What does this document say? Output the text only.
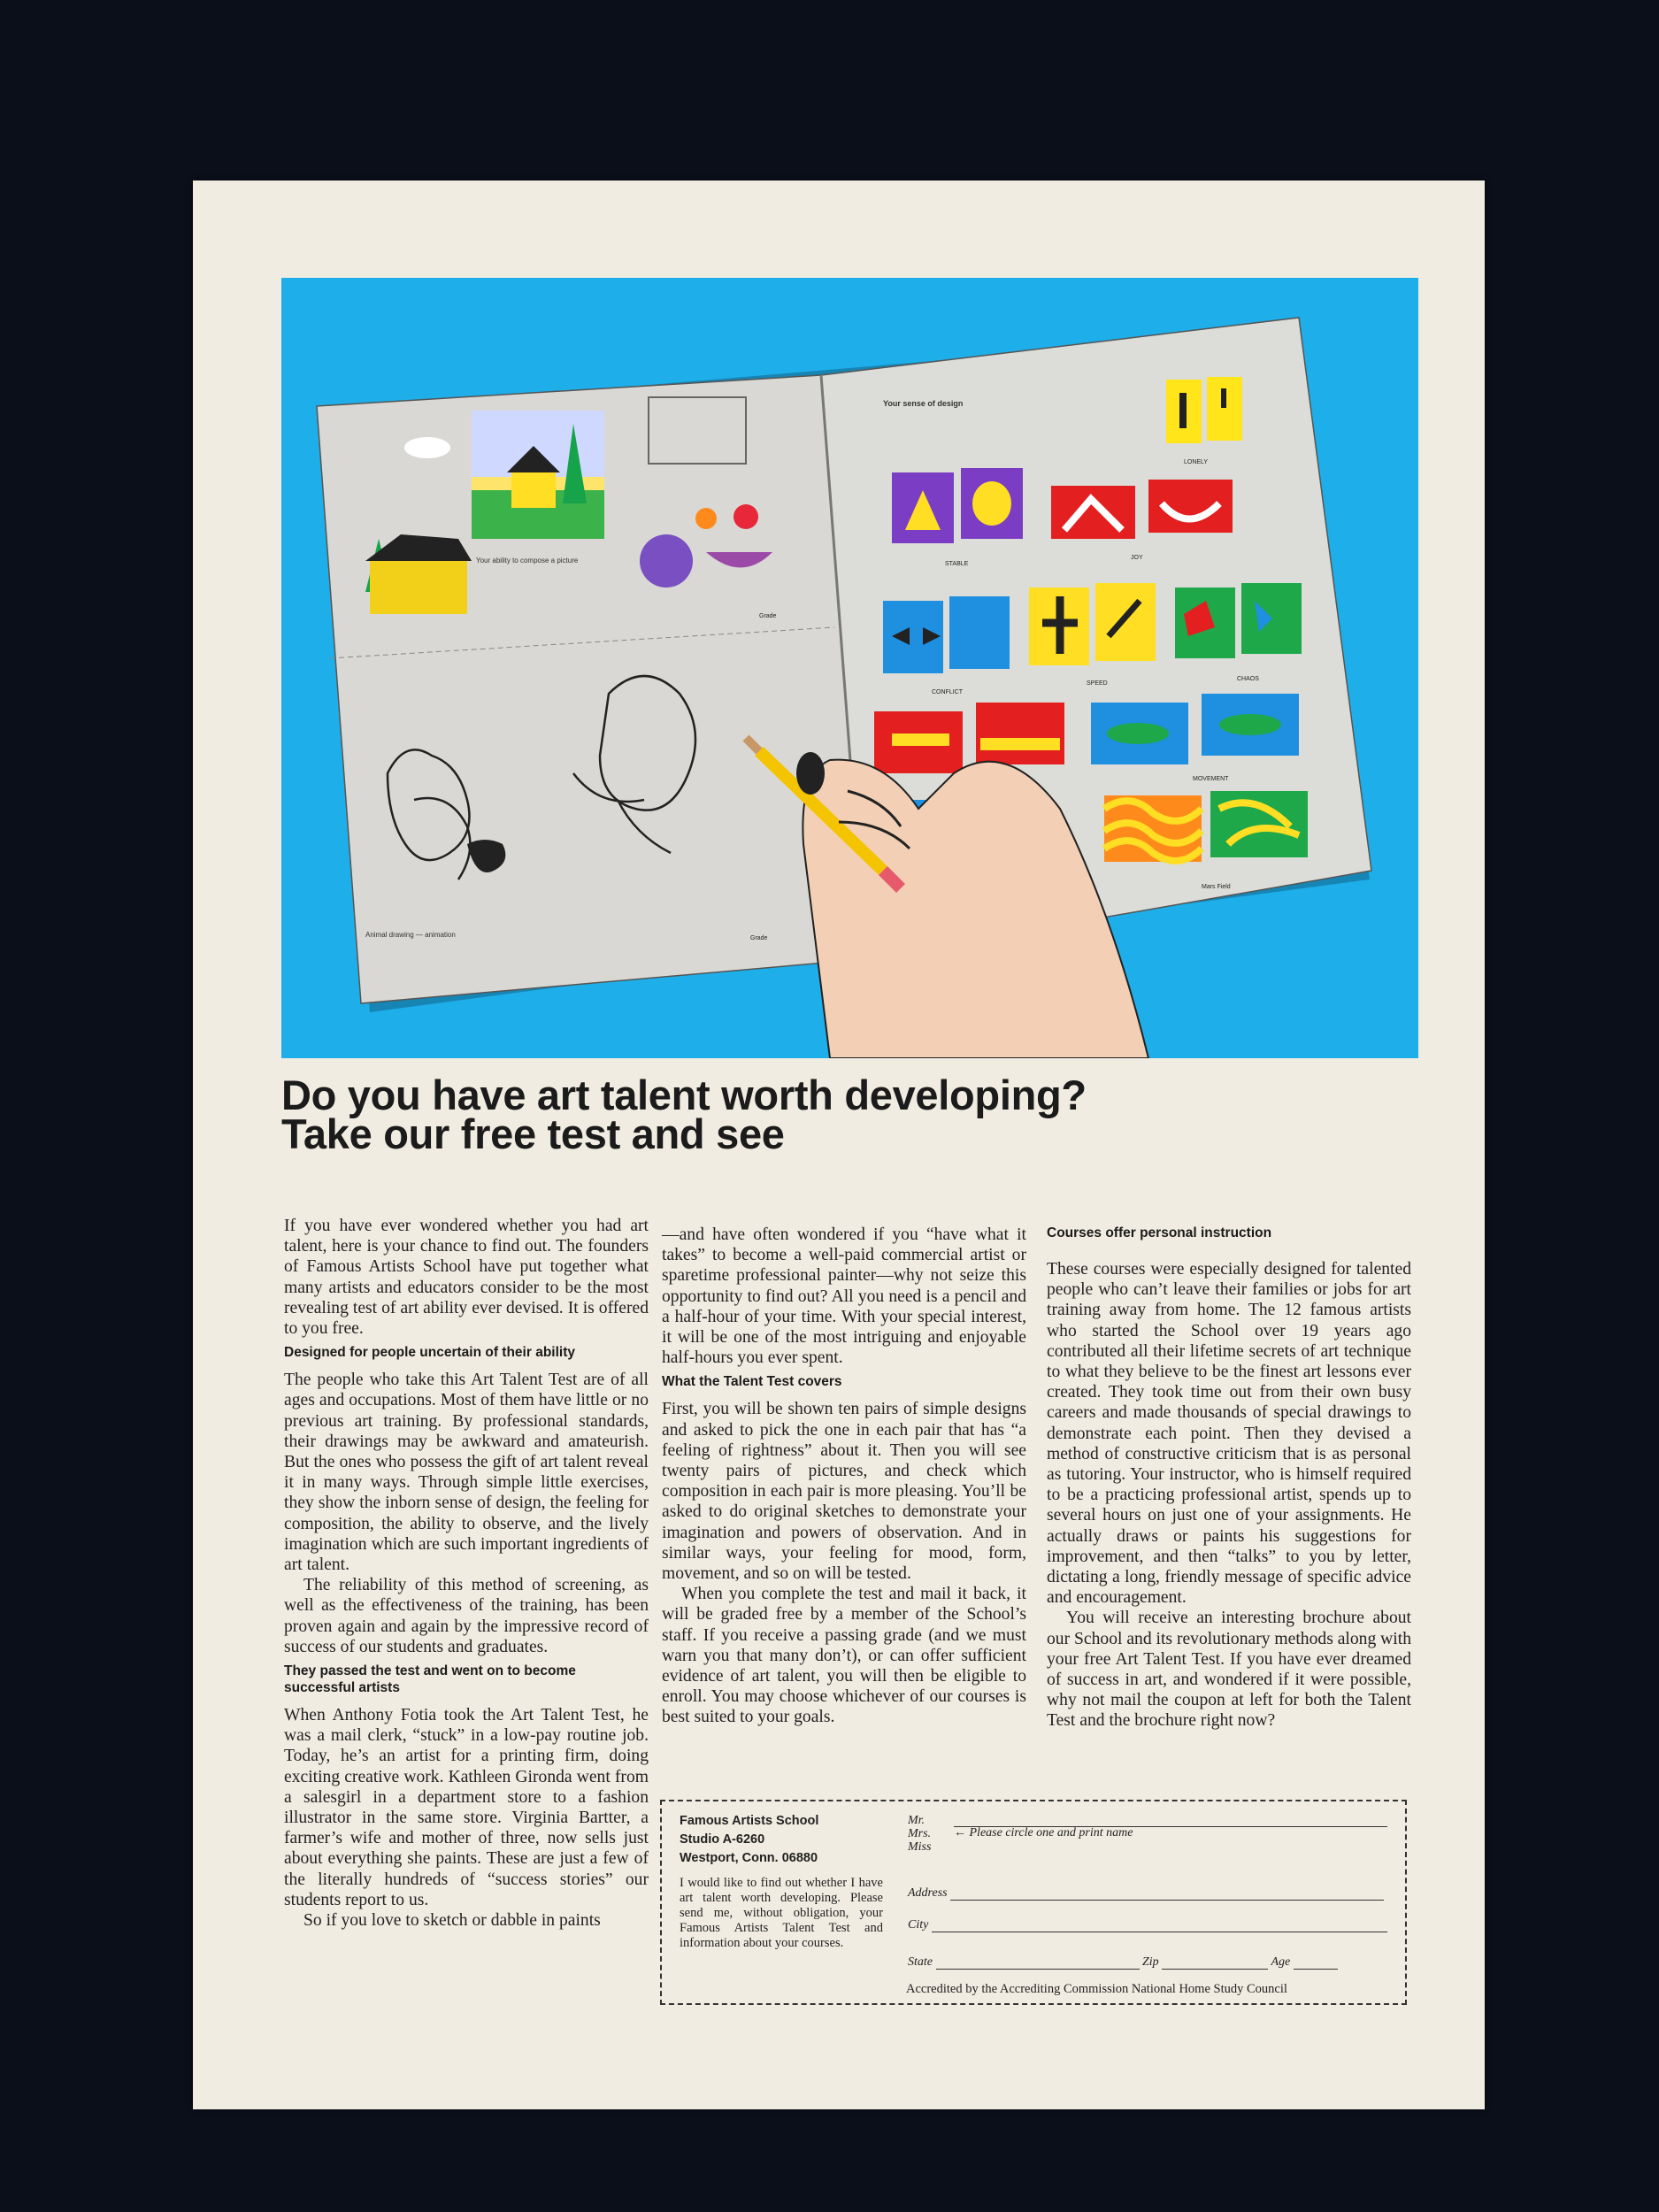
Your ability to compose a picture
Animal drawing — animation
Your sense of design
LONELY
STABLE
JOY
CONFLICT
SPEED
CHAOS
MOVEMENT
Mars Field
Grade
Grade
Do you have art talent worth developing?
Take our free test and see

If you have ever wondered whether you had art talent, here is your chance to find out. The founders of Famous Artists School have put together what many artists and educators consider to be the most revealing test of art ability ever devised. It is offered to you free.

Designed for people uncertain of their ability

The people who take this Art Talent Test are of all ages and occupations. Most of them have little or no previous art training. By professional standards, their drawings may be awkward and amateurish. But the ones who possess the gift of art talent reveal it in many ways. Through simple little exercises, they show the inborn sense of design, the feeling for composition, the ability to observe, and the lively imagination which are such important ingredients of art talent.

The reliability of this method of screening, as well as the effectiveness of the training, has been proven again and again by the impressive record of success of our students and graduates.

They passed the test and went on to become successful artists

When Anthony Fotia took the Art Talent Test, he was a mail clerk, “stuck” in a low-pay routine job. Today, he’s an artist for a printing firm, doing exciting creative work. Kathleen Gironda went from a salesgirl in a department store to a fashion illustrator in the same store. Virginia Bartter, a farmer’s wife and mother of three, now sells just about everything she paints. These are just a few of the literally hundreds of “success stories” our students report to us.

So if you love to sketch or dabble in paints

—and have often wondered if you “have what it takes” to become a well-paid commercial artist or sparetime professional painter—why not seize this opportunity to find out? All you need is a pencil and a half-hour of your time. With your special interest, it will be one of the most intriguing and enjoyable half-hours you ever spent.

What the Talent Test covers

First, you will be shown ten pairs of simple designs and asked to pick the one in each pair that has “a feeling of rightness” about it. Then you will see twenty pairs of pictures, and check which composition in each pair is more pleasing. You’ll be asked to do original sketches to demonstrate your imagination and powers of observation. And in similar ways, your feeling for mood, form, movement, and so on will be tested.

When you complete the test and mail it back, it will be graded free by a member of the School’s staff. If you receive a passing grade (and we must warn you that many don’t), or can offer sufficient evidence of art talent, you will then be eligible to enroll. You may choose whichever of our courses is best suited to your goals.

Courses offer personal instruction

These courses were especially designed for talented people who can’t leave their families or jobs for art training away from home. The 12 famous artists who started the School over 19 years ago contributed all their lifetime secrets of art technique to what they believe to be the finest art lessons ever created. They took time out from their own busy careers and made thousands of special drawings to demonstrate each point. Then they devised a method of constructive criticism that is as personal as tutoring. Your instructor, who is himself required to be a practicing professional artist, spends up to several hours on just one of your assignments. He actually draws or paints his suggestions for improvement, and then “talks” to you by letter, dictating a long, friendly message of specific advice and encouragement.

You will receive an interesting brochure about our School and its revolutionary methods along with your free Art Talent Test. If you have ever dreamed of success in art, and wondered if it were possible, why not mail the coupon at left for both the Talent Test and the brochure right now?

Famous Artists School
Studio A-6260
Westport, Conn. 06880
I would like to find out whether I have art talent worth developing. Please send me, without obligation, your Famous Artists Talent Test and information about your courses.
Mr.
Mrs.
Miss
← Please circle one and print name
Address
City
State	Zip	Age
Accredited by the Accrediting Commission National Home Study Council
